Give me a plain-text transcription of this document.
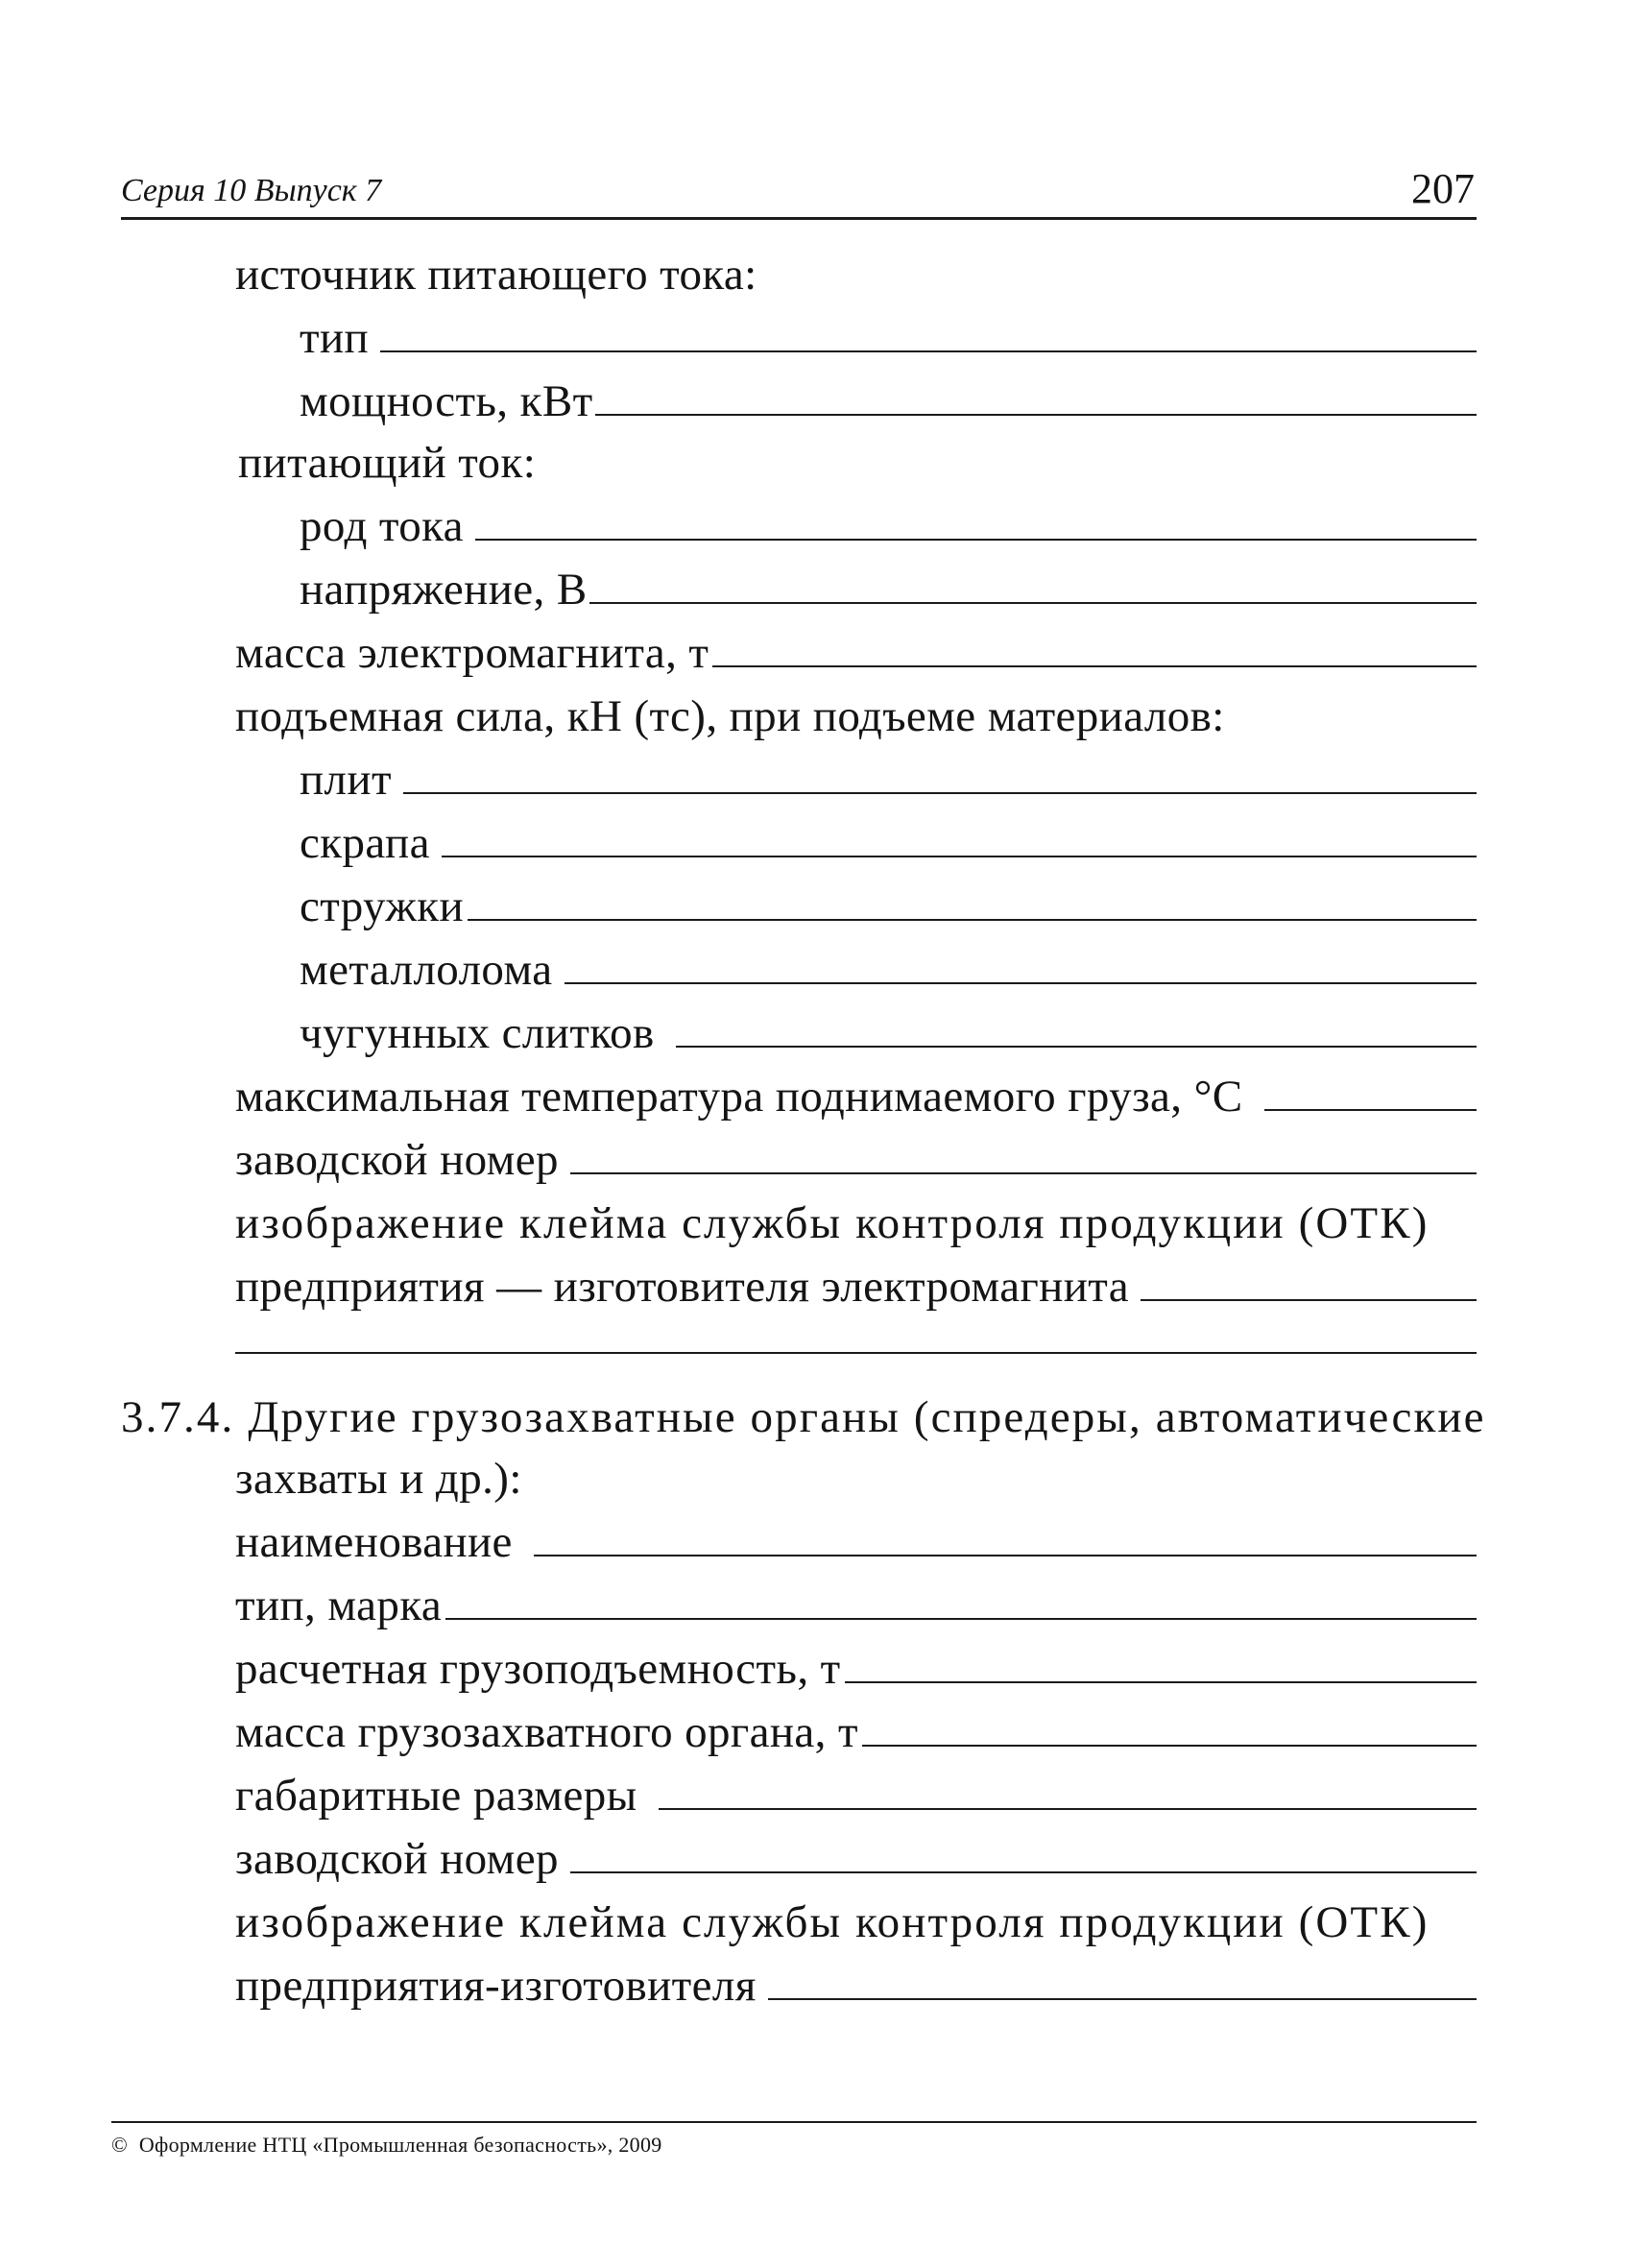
Серия 10 Выпуск 7	207
источник питающего тока:
тип
мощность, кВт
питающий ток:
род тока
напряжение, В
масса электромагнита, т
подъемная сила, кН (тс), при подъеме материалов:
плит
скрапа
стружки
металлолома
чугунных слитков
максимальная температура поднимаемого груза, °С
заводской номер
изображение клейма службы контроля продукции (ОТК)
предприятия — изготовителя электромагнита
3.7.4. Другие грузозахватные органы (спредеры, автоматические
захваты и др.):
наименование
тип, марка
расчетная грузоподъемность, т
масса грузозахватного органа, т
габаритные размеры
заводской номер
изображение клейма службы контроля продукции (ОТК)
предприятия-изготовителя
© Оформление НТЦ «Промышленная безопасность», 2009
